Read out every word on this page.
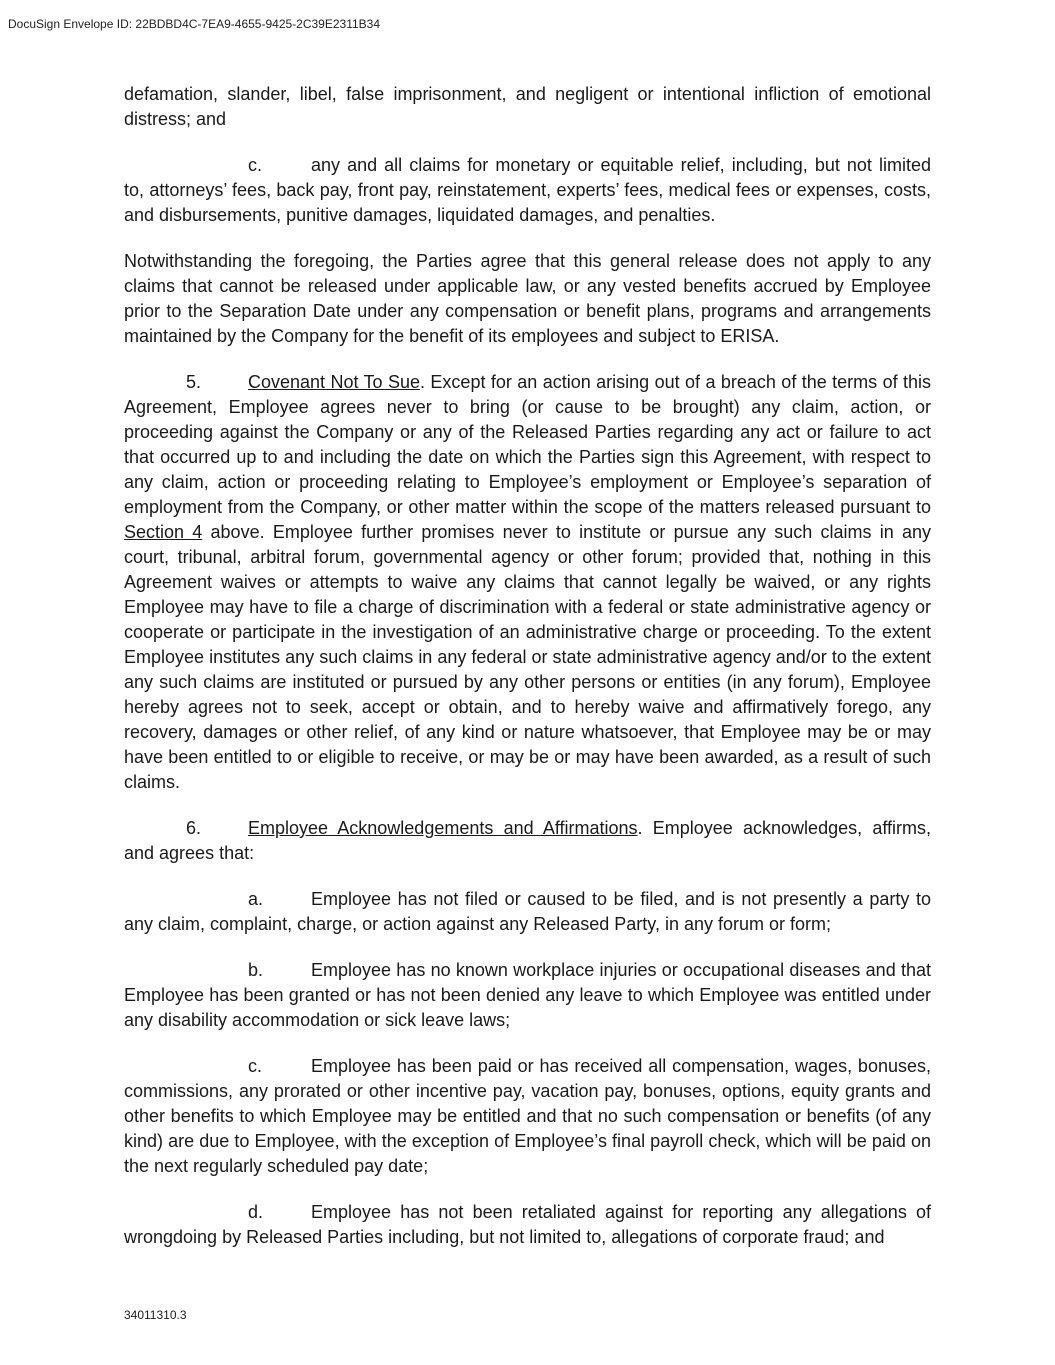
DocuSign Envelope ID: 22BDBD4C-7EA9-4655-9425-2C39E2311B34

defamation, slander, libel, false imprisonment, and negligent or intentional infliction of emotional distress; and

c.	any and all claims for monetary or equitable relief, including, but not limited to, attorneys’ fees, back pay, front pay, reinstatement, experts’ fees, medical fees or expenses, costs, and disbursements, punitive damages, liquidated damages, and penalties.

Notwithstanding the foregoing, the Parties agree that this general release does not apply to any claims that cannot be released under applicable law, or any vested benefits accrued by Employee prior to the Separation Date under any compensation or benefit plans, programs and arrangements maintained by the Company for the benefit of its employees and subject to ERISA.

5.	Covenant Not To Sue. Except for an action arising out of a breach of the terms of this Agreement, Employee agrees never to bring (or cause to be brought) any claim, action, or proceeding against the Company or any of the Released Parties regarding any act or failure to act that occurred up to and including the date on which the Parties sign this Agreement, with respect to any claim, action or proceeding relating to Employee’s employment or Employee’s separation of employment from the Company, or other matter within the scope of the matters released pursuant to Section 4 above. Employee further promises never to institute or pursue any such claims in any court, tribunal, arbitral forum, governmental agency or other forum; provided that, nothing in this Agreement waives or attempts to waive any claims that cannot legally be waived, or any rights Employee may have to file a charge of discrimination with a federal or state administrative agency or cooperate or participate in the investigation of an administrative charge or proceeding. To the extent Employee institutes any such claims in any federal or state administrative agency and/or to the extent any such claims are instituted or pursued by any other persons or entities (in any forum), Employee hereby agrees not to seek, accept or obtain, and to hereby waive and affirmatively forego, any recovery, damages or other relief, of any kind or nature whatsoever, that Employee may be or may have been entitled to or eligible to receive, or may be or may have been awarded, as a result of such claims.

6.	Employee Acknowledgements and Affirmations. Employee acknowledges, affirms, and agrees that:

a.	Employee has not filed or caused to be filed, and is not presently a party to any claim, complaint, charge, or action against any Released Party, in any forum or form;

b.	Employee has no known workplace injuries or occupational diseases and that Employee has been granted or has not been denied any leave to which Employee was entitled under any disability accommodation or sick leave laws;

c.	Employee has been paid or has received all compensation, wages, bonuses, commissions, any prorated or other incentive pay, vacation pay, bonuses, options, equity grants and other benefits to which Employee may be entitled and that no such compensation or benefits (of any kind) are due to Employee, with the exception of Employee’s final payroll check, which will be paid on the next regularly scheduled pay date;

d.	Employee has not been retaliated against for reporting any allegations of wrongdoing by Released Parties including, but not limited to, allegations of corporate fraud; and

34011310.3
